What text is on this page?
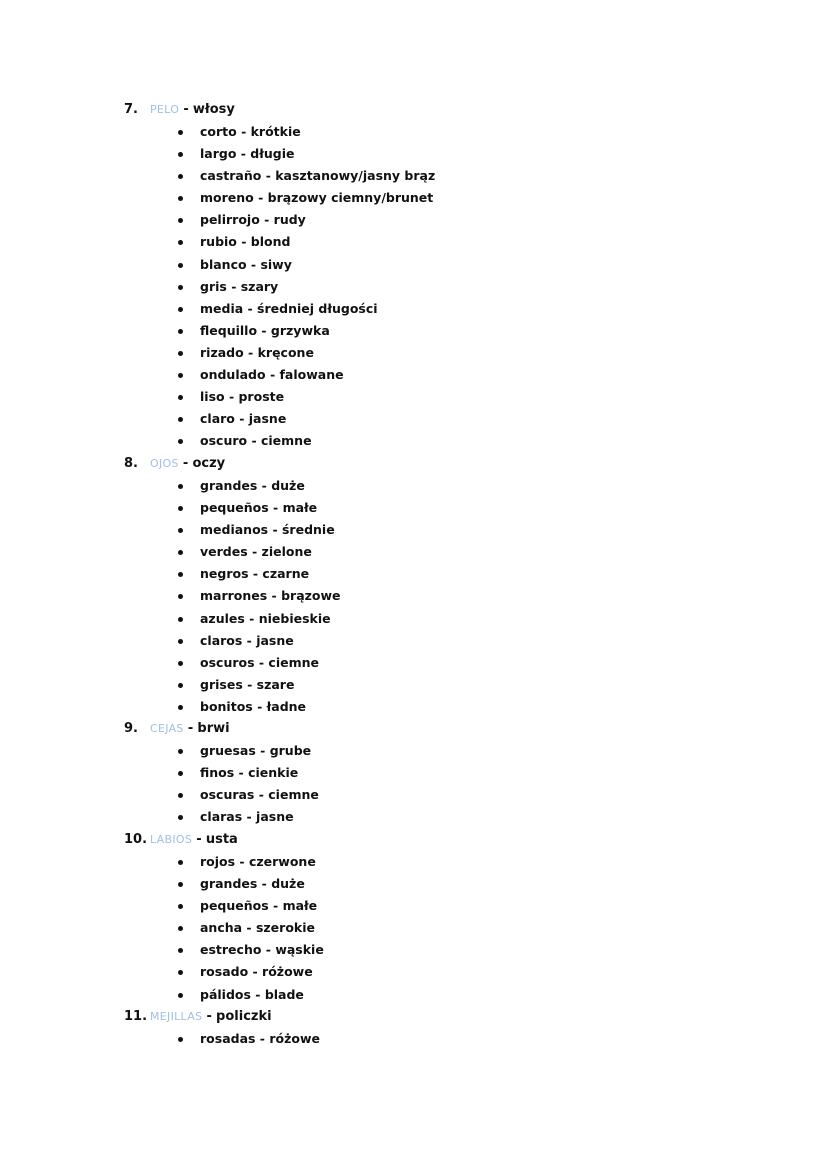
7. PELO - włosy
corto - krótkie
largo - długie
castraño - kasztanowy/jasny brąz
moreno - brązowy ciemny/brunet
pelirrojo - rudy
rubio - blond
blanco - siwy
gris - szary
media - średniej długości
flequillo - grzywka
rizado - kręcone
ondulado - falowane
liso - proste
claro - jasne
oscuro - ciemne
8. OJOS - oczy
grandes - duże
pequeños - małe
medianos - średnie
verdes - zielone
negros - czarne
marrones - brązowe
azules - niebieskie
claros - jasne
oscuros - ciemne
grises - szare
bonitos - ładne
9. CEJAS - brwi
gruesas - grube
finos - cienkie
oscuras - ciemne
claras - jasne
10. LABIOS - usta
rojos - czerwone
grandes - duże
pequeños - małe
ancha - szerokie
estrecho - wąskie
rosado - różowe
pálidos - blade
11. MEJILLAS - policzki
rosadas - różowe
